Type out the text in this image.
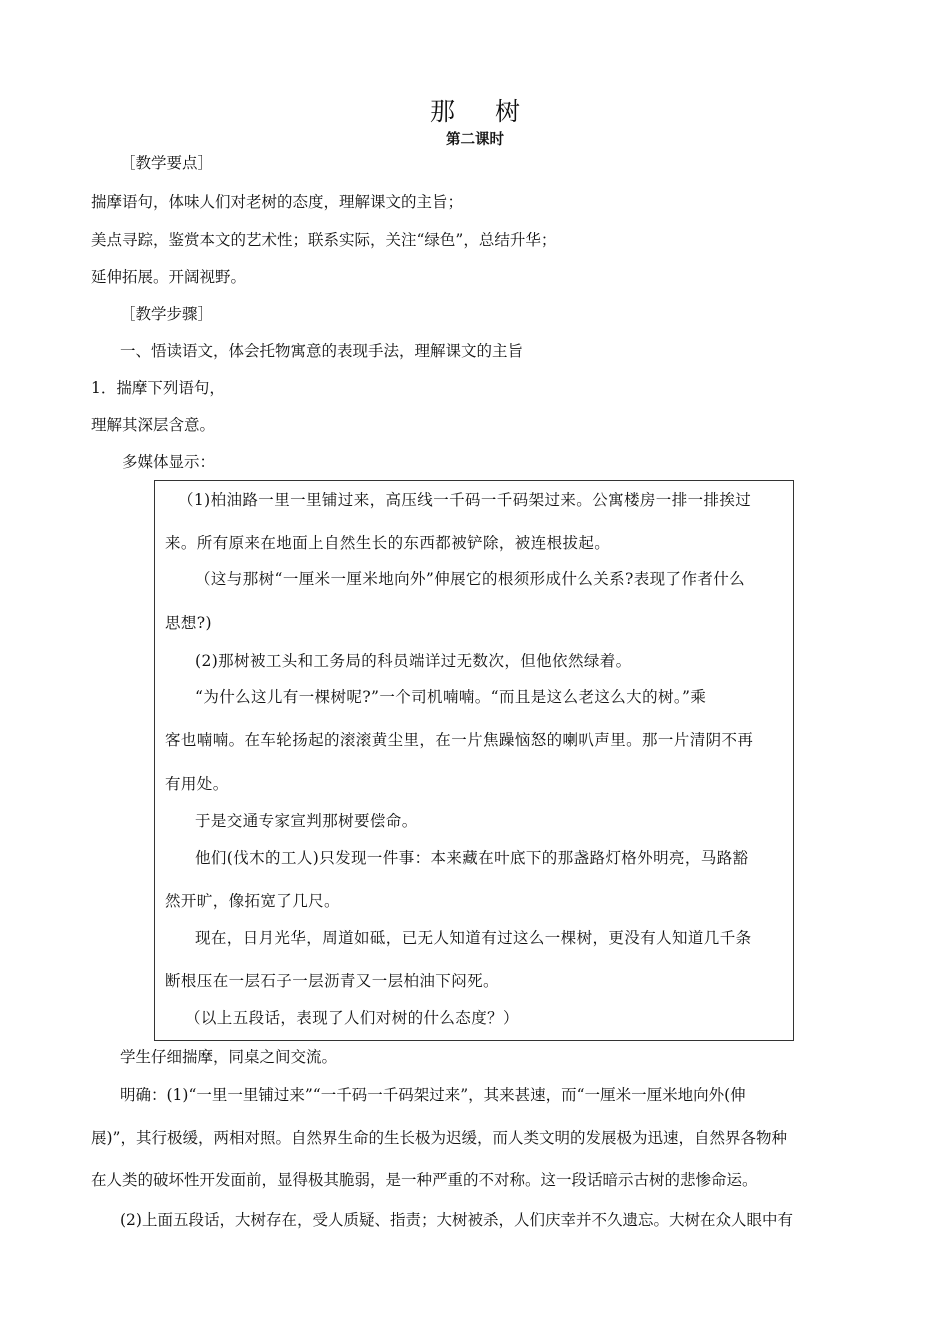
那 树
第二课时
［教学要点］
揣摩语句，体味人们对老树的态度，理解课文的主旨；
美点寻踪，鉴赏本文的艺术性；联系实际，关注“绿色”，总结升华；
延伸拓展。开阔视野。
［教学步骤］
一、悟读语文，体会托物寓意的表现手法，理解课文的主旨
1．揣摩下列语句，
理解其深层含意。
多媒体显示：
（1)柏油路一里一里铺过来，高压线一千码一千码架过来。公寓楼房一排一排挨过
来。所有原来在地面上自然生长的东西都被铲除，被连根拔起。
（这与那树“一厘米一厘米地向外”伸展它的根须形成什么关系?表现了作者什么
思想?)
(2)那树被工头和工务局的科员端详过无数次，但他依然绿着。
“为什么这儿有一棵树呢?”一个司机喃喃。“而且是这么老这么大的树。”乘
客也喃喃。在车轮扬起的滚滚黄尘里，在一片焦躁恼怒的喇叭声里。那一片清阴不再
有用处。
于是交通专家宣判那树要偿命。
他们(伐木的工人)只发现一件事：本来藏在叶底下的那盏路灯格外明亮，马路豁
然开旷，像拓宽了几尺。
现在，日月光华，周道如砥，已无人知道有过这么一棵树，更没有人知道几千条
断根压在一层石子一层沥青又一层柏油下闷死。
（以上五段话，表现了人们对树的什么态度？）
学生仔细揣摩，同桌之间交流。
明确：(1)“一里一里铺过来”“一千码一千码架过来”，其来甚速，而“一厘米一厘米地向外(伸
展)”，其行极缓，两相对照。自然界生命的生长极为迟缓，而人类文明的发展极为迅速，自然界各物种
在人类的破坏性开发面前，显得极其脆弱，是一种严重的不对称。这一段话暗示古树的悲惨命运。
(2)上面五段话，大树存在，受人质疑、指责；大树被杀，人们庆幸并不久遗忘。大树在众人眼中有
